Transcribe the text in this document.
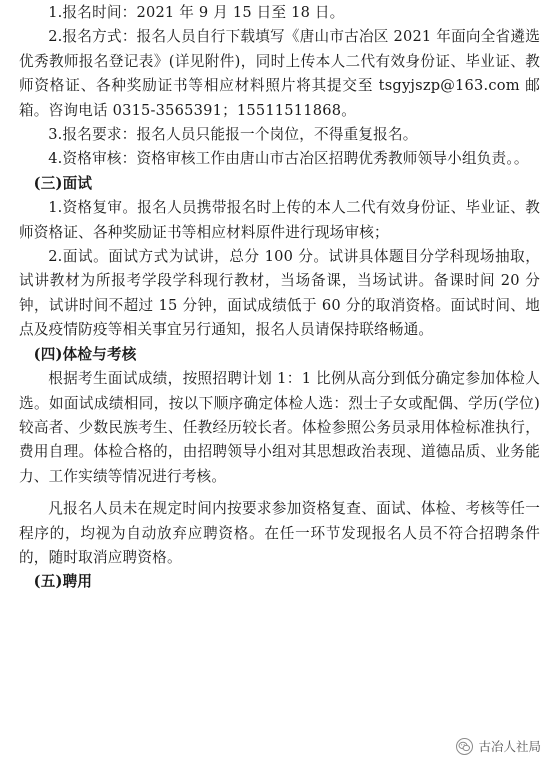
1.报名时间：2021 年 9 月 15 日至 18 日。

2.报名方式：报名人员自行下载填写《唐山市古冶区 2021 年面向全省遴选优秀教师报名登记表》(详见附件)，同时上传本人二代有效身份证、毕业证、教师资格证、各种奖励证书等相应材料照片将其提交至 tsgyjszp@163.com 邮箱。咨询电话 0315-3565391；15511511868。

3.报名要求：报名人员只能报一个岗位，不得重复报名。

4.资格审核：资格审核工作由唐山市古冶区招聘优秀教师领导小组负责。。

(三)面试

1.资格复审。报名人员携带报名时上传的本人二代有效身份证、毕业证、教师资格证、各种奖励证书等相应材料原件进行现场审核；

2.面试。面试方式为试讲，总分 100 分。试讲具体题目分学科现场抽取，试讲教材为所报考学段学科现行教材，当场备课，当场试讲。备课时间 20 分钟，试讲时间不超过 15 分钟，面试成绩低于 60 分的取消资格。面试时间、地点及疫情防疫等相关事宜另行通知，报名人员请保持联络畅通。

(四)体检与考核

根据考生面试成绩，按照招聘计划 1：1 比例从高分到低分确定参加体检人选。如面试成绩相同，按以下顺序确定体检人选：烈士子女或配偶、学历(学位)较高者、少数民族考生、任教经历较长者。体检参照公务员录用体检标准执行，费用自理。体检合格的，由招聘领导小组对其思想政治表现、道德品质、业务能力、工作实绩等情况进行考核。

凡报名人员未在规定时间内按要求参加资格复查、面试、体检、考核等任一程序的，均视为自动放弃应聘资格。在任一环节发现报名人员不符合招聘条件的，随时取消应聘资格。

(五)聘用

古冶人社局
